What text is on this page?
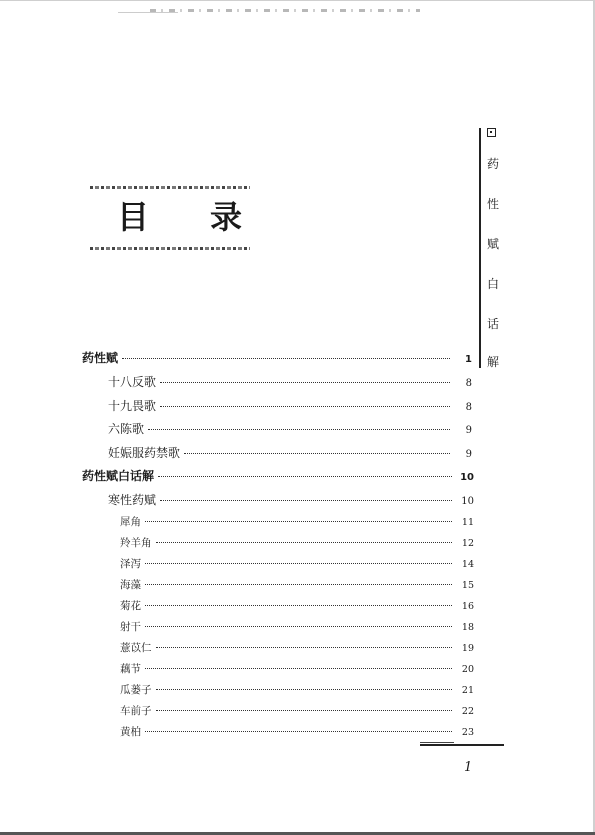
目 录
药
性
赋
白
话
解
药性赋	1
十八反歌	8
十九畏歌	8
六陈歌	9
妊娠服药禁歌	9
药性赋白话解	10
寒性药赋	10
犀角	11
羚羊角	12
泽泻	14
海藻	15
菊花	16
射干	18
薏苡仁	19
藕节	20
瓜蒌子	21
车前子	22
黄柏	23
1
